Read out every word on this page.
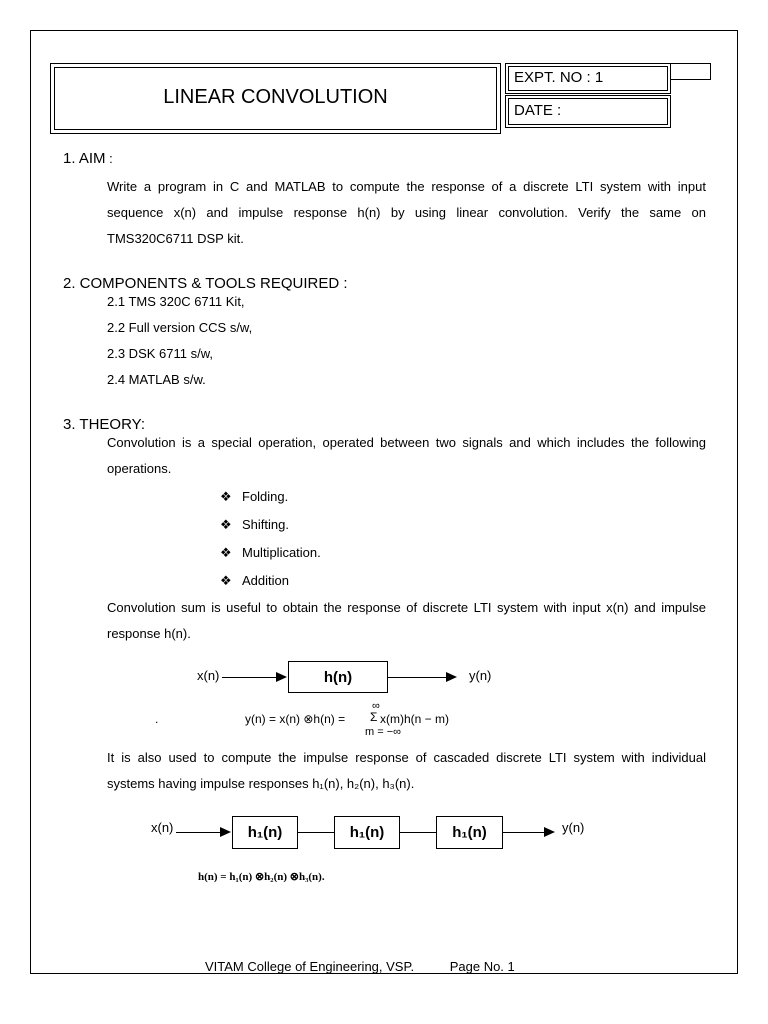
LINEAR CONVOLUTION
EXPT. NO : 1
DATE :
1. AIM :
Write a program in C and MATLAB to compute the response of a discrete LTI system with input sequence x(n) and impulse response h(n) by using linear convolution. Verify the same on TMS320C6711 DSP kit.
2. COMPONENTS & TOOLS REQUIRED :
2.1 TMS 320C 6711 Kit,
2.2 Full version CCS s/w,
2.3 DSK 6711 s/w,
2.4 MATLAB s/w.
3. THEORY:
Convolution is a special operation, operated between two signals and which includes the following operations.
❖ Folding.
❖ Shifting.
❖ Multiplication.
❖ Addition
Convolution sum is useful to obtain the response of discrete LTI system with input x(n) and impulse response h(n).
x(n)	h(n)	y(n)
.	y(n) = x(n) ⊗h(n) =
∞
Σ x(m)h(n − m)
m = −∞
It is also used to compute the impulse response of cascaded discrete LTI system with individual systems having impulse responses h₁(n), h₂(n), h₃(n).
x(n)	h₁(n)	h₁(n)	h₁(n)	y(n)
h(n) = h₁(n) ⊗h₂(n) ⊗h₃(n).
VITAM College of Engineering, VSP.	Page No. 1
